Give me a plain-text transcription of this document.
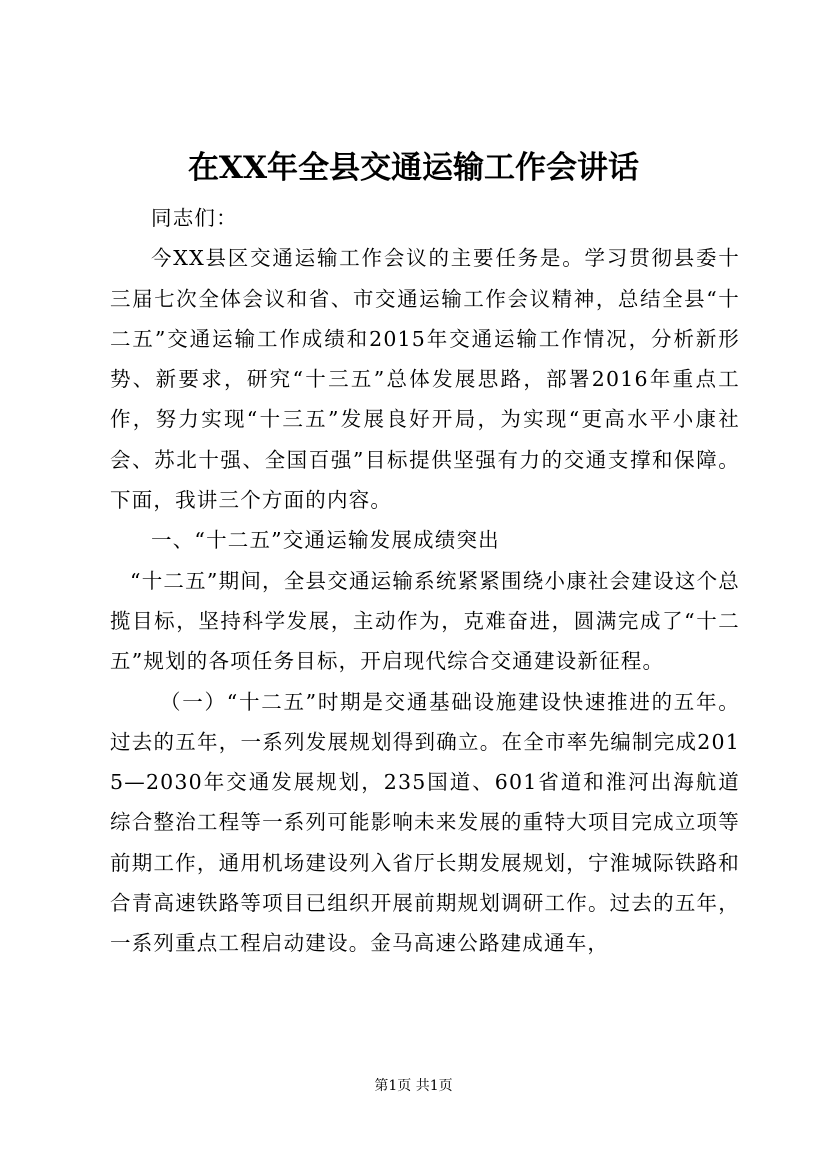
在XX年全县交通运输工作会讲话

同志们：

今XX县区交通运输工作会议的主要任务是。学习贯彻县委十三届七次全体会议和省、市交通运输工作会议精神，总结全县“十二五”交通运输工作成绩和2015年交通运输工作情况，分析新形势、新要求，研究“十三五”总体发展思路，部署2016年重点工作，努力实现“十三五”发展良好开局，为实现“更高水平小康社会、苏北十强、全国百强”目标提供坚强有力的交通支撑和保障。下面，我讲三个方面的内容。

一、“十二五”交通运输发展成绩突出

“十二五”期间，全县交通运输系统紧紧围绕小康社会建设这个总揽目标，坚持科学发展，主动作为，克难奋进，圆满完成了“十二五”规划的各项任务目标，开启现代综合交通建设新征程。

（一）“十二五”时期是交通基础设施建设快速推进的五年。过去的五年，一系列发展规划得到确立。在全市率先编制完成2015—2030年交通发展规划，235国道、601省道和淮河出海航道综合整治工程等一系列可能影响未来发展的重特大项目完成立项等前期工作，通用机场建设列入省厅长期发展规划，宁淮城际铁路和合青高速铁路等项目已组织开展前期规划调研工作。过去的五年，一系列重点工程启动建设。金马高速公路建成通车，

第1页 共1页
